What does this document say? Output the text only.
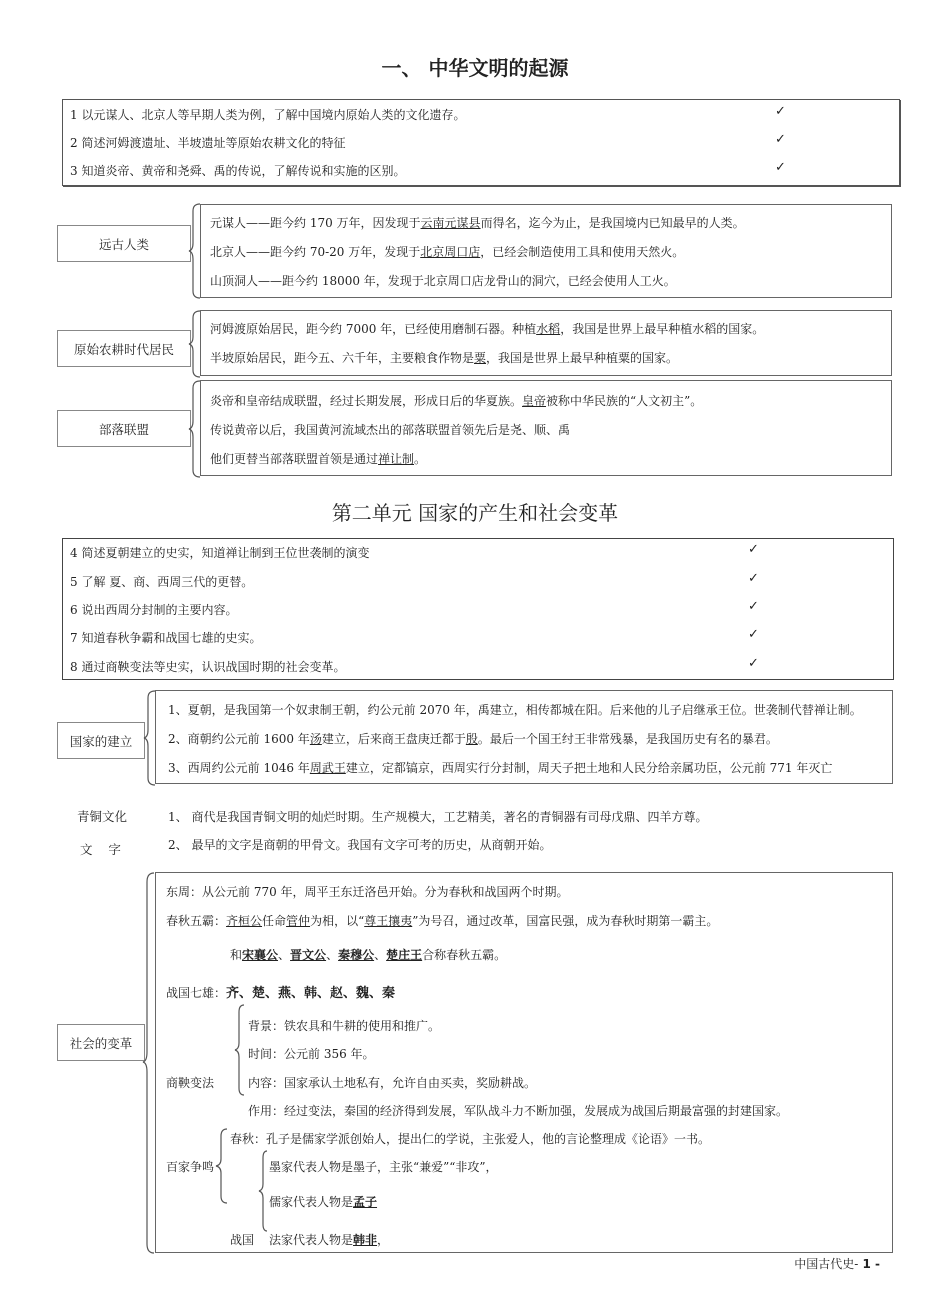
一、 中华文明的起源
1 以元谋人、北京人等早期人类为例，了解中国境内原始人类的文化遗存。
2 简述河姆渡遗址、半坡遗址等原始农耕文化的特征
3 知道炎帝、黄帝和尧舜、禹的传说，了解传说和实施的区别。
✓
✓
✓
远古人类
元谋人——距今约 170 万年，因发现于云南元谋县而得名，迄今为止，是我国境内已知最早的人类。
北京人——距今约 70-20 万年，发现于北京周口店，已经会制造使用工具和使用天然火。
山顶洞人——距今约 18000 年，发现于北京周口店龙骨山的洞穴，已经会使用人工火。
原始农耕时代居民
河姆渡原始居民，距今约 7000 年，已经使用磨制石器。种植水稻，我国是世界上最早种植水稻的国家。
半坡原始居民，距今五、六千年，主要粮食作物是粟，我国是世界上最早种植粟的国家。
部落联盟
炎帝和皇帝结成联盟，经过长期发展，形成日后的华夏族。皇帝被称中华民族的“人文初主”。
传说黄帝以后，我国黄河流域杰出的部落联盟首领先后是尧、顺、禹
他们更替当部落联盟首领是通过禅让制。
第二单元 国家的产生和社会变革
4 简述夏朝建立的史实，知道禅让制到王位世袭制的演变
5 了解 夏、商、西周三代的更替。
6 说出西周分封制的主要内容。
7 知道春秋争霸和战国七雄的史实。
8 通过商鞅变法等史实，认识战国时期的社会变革。
✓
✓
✓
✓
✓
国家的建立
1、夏朝，是我国第一个奴隶制王朝，约公元前 2070 年，禹建立，相传都城在阳。后来他的儿子启继承王位。世袭制代替禅让制。
2、商朝约公元前 1600 年汤建立，后来商王盘庚迁都于殷。最后一个国王纣王非常残暴，是我国历史有名的暴君。
3、西周约公元前 1046 年周武王建立，定都镐京，西周实行分封制，周天子把土地和人民分给亲属功臣，公元前 771 年灭亡
青铜文化
文    字
1、 商代是我国青铜文明的灿烂时期。生产规模大，工艺精美，著名的青铜器有司母戊鼎、四羊方尊。
2、 最早的文字是商朝的甲骨文。我国有文字可考的历史，从商朝开始。
社会的变革
东周：从公元前 770 年，周平王东迁洛邑开始。分为春秋和战国两个时期。
春秋五霸：齐桓公任命管仲为相，以“尊王攘夷”为号召，通过改革，国富民强，成为春秋时期第一霸主。
和宋襄公、晋文公、秦穆公、楚庄王合称春秋五霸。
战国七雄：齐、楚、燕、韩、赵、魏、秦
商鞅变法
背景：铁农具和牛耕的使用和推广。
时间：公元前 356 年。
内容：国家承认土地私有，允许自由买卖，奖励耕战。
作用：经过变法，秦国的经济得到发展，军队战斗力不断加强，发展成为战国后期最富强的封建国家。
百家争鸣
春秋：孔子是儒家学派创始人，提出仁的学说，主张爱人，他的言论整理成《论语》一书。
墨家代表人物是墨子，主张“兼爱”“非攻”，
儒家代表人物是孟子
战国 法家代表人物是韩非，
中国古代史- 1 -
